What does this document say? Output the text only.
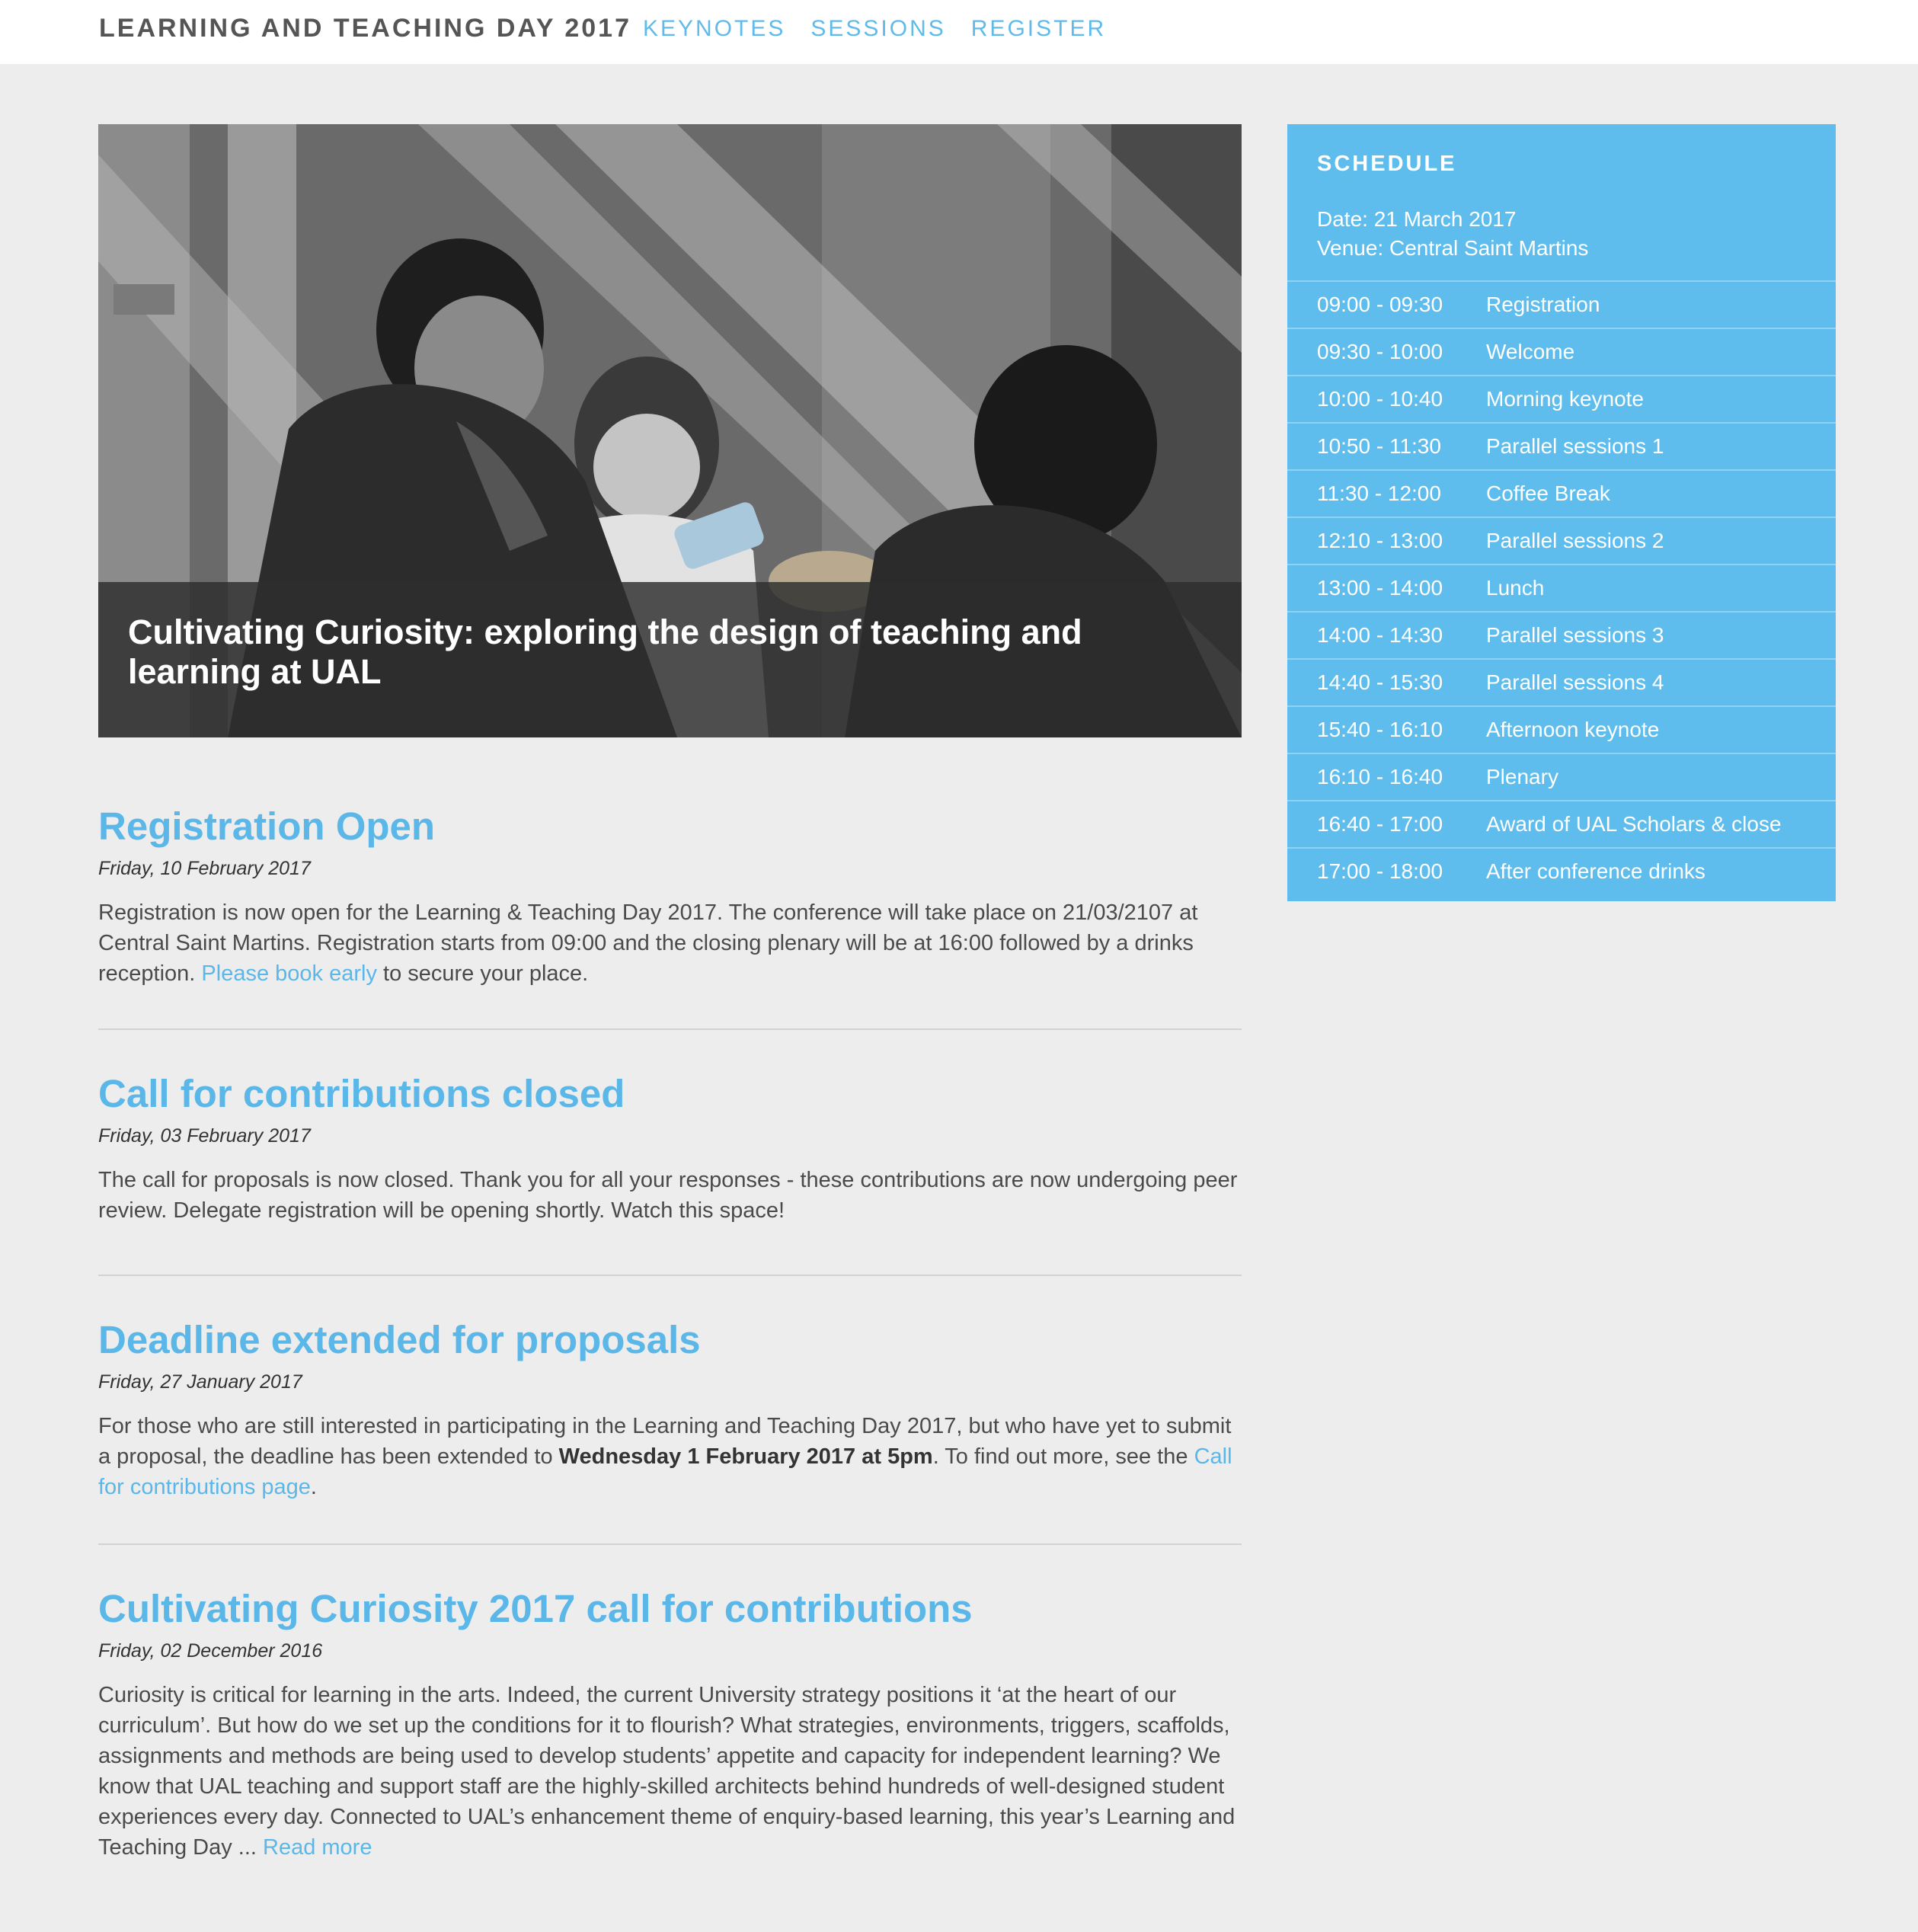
LEARNING AND TEACHING DAY 2017 KEYNOTES SESSIONS REGISTER
Cultivating Curiosity: exploring the design of teaching and learning at UAL
Registration Open
Friday, 10 February 2017

Registration is now open for the Learning & Teaching Day 2017. The conference will take place on 21/03/2107 at Central Saint Martins. Registration starts from 09:00 and the closing plenary will be at 16:00 followed by a drinks reception. Please book early to secure your place.

Call for contributions closed
Friday, 03 February 2017

The call for proposals is now closed. Thank you for all your responses - these contributions are now undergoing peer review. Delegate registration will be opening shortly. Watch this space!

Deadline extended for proposals
Friday, 27 January 2017

For those who are still interested in participating in the Learning and Teaching Day 2017, but who have yet to submit a proposal, the deadline has been extended to Wednesday 1 February 2017 at 5pm. To find out more, see the Call for contributions page.

Cultivating Curiosity 2017 call for contributions
Friday, 02 December 2016

Curiosity is critical for learning in the arts. Indeed, the current University strategy positions it ‘at the heart of our curriculum’. But how do we set up the conditions for it to flourish? What strategies, environments, triggers, scaffolds, assignments and methods are being used to develop students’ appetite and capacity for independent learning? We know that UAL teaching and support staff are the highly-skilled architects behind hundreds of well-designed student experiences every day. Connected to UAL’s enhancement theme of enquiry-based learning, this year’s Learning and Teaching Day ... Read more

SCHEDULE
Date: 21 March 2017
Venue: Central Saint Martins
09:00 - 09:30	Registration
09:30 - 10:00	Welcome
10:00 - 10:40	Morning keynote
10:50 - 11:30	Parallel sessions 1
11:30 - 12:00	Coffee Break
12:10 - 13:00	Parallel sessions 2
13:00 - 14:00	Lunch
14:00 - 14:30	Parallel sessions 3
14:40 - 15:30	Parallel sessions 4
15:40 - 16:10	Afternoon keynote
16:10 - 16:40	Plenary
16:40 - 17:00	Award of UAL Scholars & close
17:00 - 18:00	After conference drinks
